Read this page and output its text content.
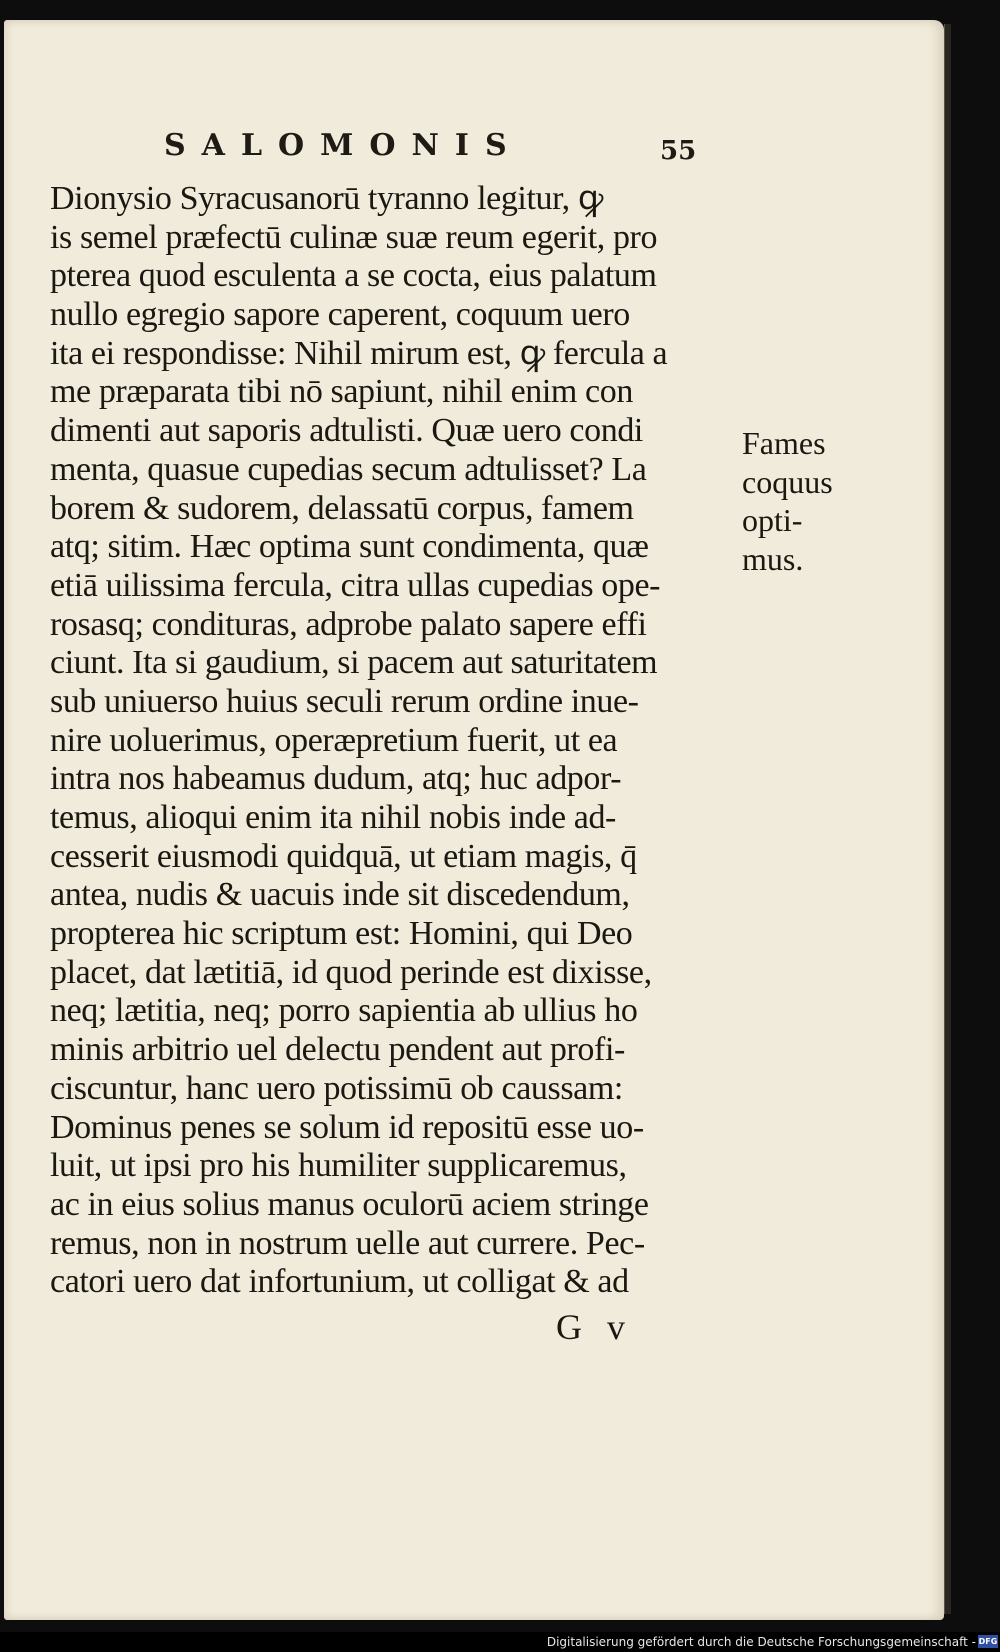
SALOMONIS	55
Dionysio Syracusanorū tyranno legitur, ꝙ
is semel præfectū culinæ suæ reum egerit, pro
pterea quod esculenta a se cocta, eius palatum
nullo egregio sapore caperent, coquum uero
ita ei respondisse: Nihil mirum est, ꝙ fercula a
me præparata tibi nō sapiunt, nihil enim con
dimenti aut saporis adtulisti. Quæ uero condi
menta, quasue cupedias secum adtulisset? La
borem & sudorem, delassatū corpus, famem
atq; sitim. Hæc optima sunt condimenta, quæ
etiā uilissima fercula, citra ullas cupedias ope-
rosasq; condituras, adprobe palato sapere effi
ciunt. Ita si gaudium, si pacem aut saturitatem
sub uniuerso huius seculi rerum ordine inue-
nire uoluerimus, operæpretium fuerit, ut ea
intra nos habeamus dudum, atq; huc adpor-
temus, alioqui enim ita nihil nobis inde ad-
cesserit eiusmodi quidquā, ut etiam magis, q̄
antea, nudis & uacuis inde sit discedendum,
propterea hic scriptum est: Homini, qui Deo
placet, dat lætitiā, id quod perinde est dixisse,
neq; lætitia, neq; porro sapientia ab ullius ho
minis arbitrio uel delectu pendent aut profi-
ciscuntur, hanc uero potissimū ob caussam:
Dominus penes se solum id repositū esse uo-
luit, ut ipsi pro his humiliter supplicaremus,
ac in eius solius manus oculorū aciem stringe
remus, non in nostrum uelle aut currere. Pec-
catori uero dat infortunium, ut colligat & ad
Fames
coquus
opti-
mus.
G v
Digitalisierung gefördert durch die Deutsche Forschungsgemeinschaft - DFG
